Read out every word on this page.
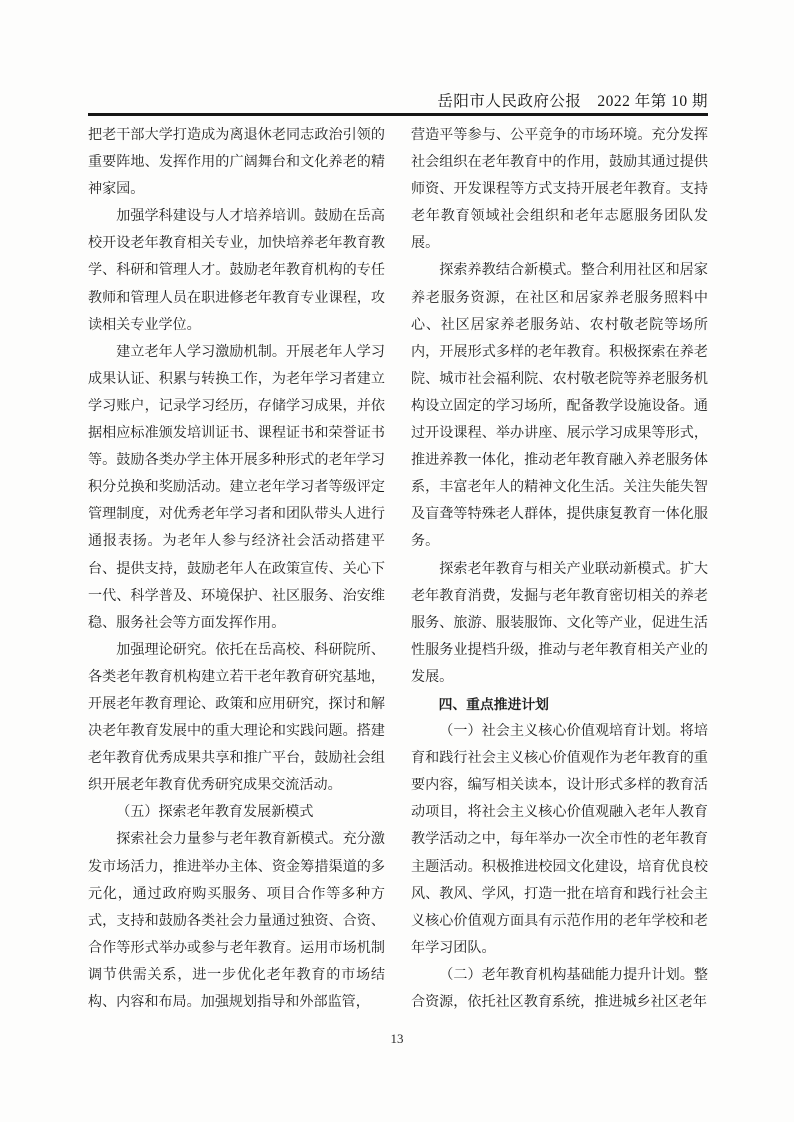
岳阳市人民政府公报　2022 年第 10 期

把老干部大学打造成为离退休老同志政治引领的重要阵地、发挥作用的广阔舞台和文化养老的精神家园。

加强学科建设与人才培养培训。鼓励在岳高校开设老年教育相关专业，加快培养老年教育教学、科研和管理人才。鼓励老年教育机构的专任教师和管理人员在职进修老年教育专业课程，攻读相关专业学位。

建立老年人学习激励机制。开展老年人学习成果认证、积累与转换工作，为老年学习者建立学习账户，记录学习经历，存储学习成果，并依据相应标准颁发培训证书、课程证书和荣誉证书等。鼓励各类办学主体开展多种形式的老年学习积分兑换和奖励活动。建立老年学习者等级评定管理制度，对优秀老年学习者和团队带头人进行通报表扬。为老年人参与经济社会活动搭建平台、提供支持，鼓励老年人在政策宣传、关心下一代、科学普及、环境保护、社区服务、治安维稳、服务社会等方面发挥作用。

加强理论研究。依托在岳高校、科研院所、各类老年教育机构建立若干老年教育研究基地，开展老年教育理论、政策和应用研究，探讨和解决老年教育发展中的重大理论和实践问题。搭建老年教育优秀成果共享和推广平台，鼓励社会组织开展老年教育优秀研究成果交流活动。

（五）探索老年教育发展新模式

探索社会力量参与老年教育新模式。充分激发市场活力，推进举办主体、资金筹措渠道的多元化，通过政府购买服务、项目合作等多种方式，支持和鼓励各类社会力量通过独资、合资、合作等形式举办或参与老年教育。运用市场机制调节供需关系，进一步优化老年教育的市场结构、内容和布局。加强规划指导和外部监管，

营造平等参与、公平竞争的市场环境。充分发挥社会组织在老年教育中的作用，鼓励其通过提供师资、开发课程等方式支持开展老年教育。支持老年教育领域社会组织和老年志愿服务团队发展。

探索养教结合新模式。整合利用社区和居家养老服务资源，在社区和居家养老服务照料中心、社区居家养老服务站、农村敬老院等场所内，开展形式多样的老年教育。积极探索在养老院、城市社会福利院、农村敬老院等养老服务机构设立固定的学习场所，配备教学设施设备。通过开设课程、举办讲座、展示学习成果等形式，推进养教一体化，推动老年教育融入养老服务体系，丰富老年人的精神文化生活。关注失能失智及盲聋等特殊老人群体，提供康复教育一体化服务。

探索老年教育与相关产业联动新模式。扩大老年教育消费，发掘与老年教育密切相关的养老服务、旅游、服装服饰、文化等产业，促进生活性服务业提档升级，推动与老年教育相关产业的发展。

四、重点推进计划

（一）社会主义核心价值观培育计划。将培育和践行社会主义核心价值观作为老年教育的重要内容，编写相关读本，设计形式多样的教育活动项目，将社会主义核心价值观融入老年人教育教学活动之中，每年举办一次全市性的老年教育主题活动。积极推进校园文化建设，培育优良校风、教风、学风，打造一批在培育和践行社会主义核心价值观方面具有示范作用的老年学校和老年学习团队。

（二）老年教育机构基础能力提升计划。整合资源，依托社区教育系统，推进城乡社区老年

13
